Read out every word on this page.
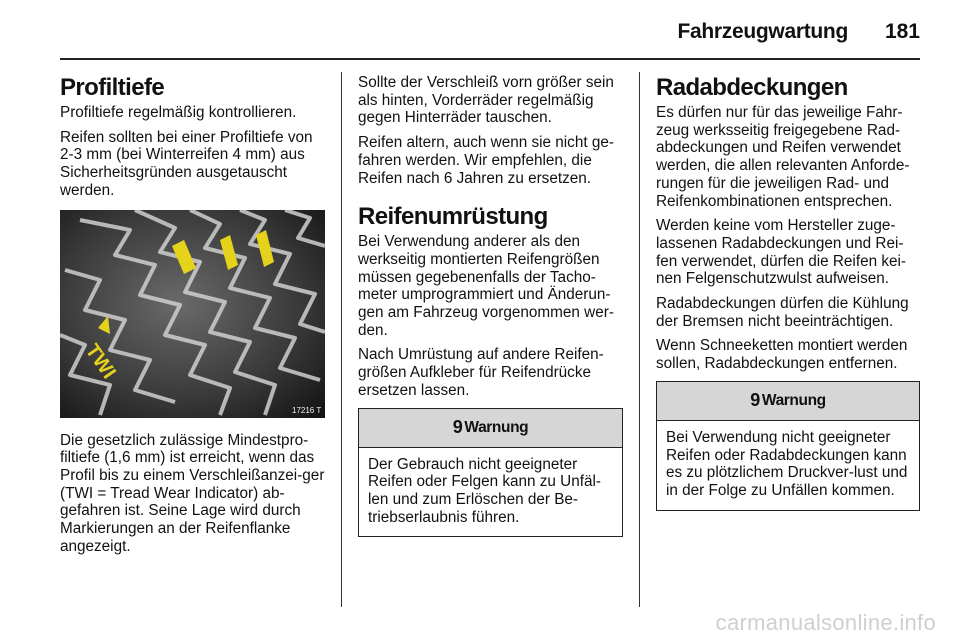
Fahrzeugwartung 181
Profiltiefe

Profiltiefe regelmäßig kontrollieren.

Reifen sollten bei einer Profiltiefe von 2-3 mm (bei Winterreifen 4 mm) aus Sicherheitsgründen ausgetauscht werden.

TWI
17216 T

Die gesetzlich zulässige Mindestpro-filtiefe (1,6 mm) ist erreicht, wenn das Profil bis zu einem Verschleißanzei-ger (TWI = Tread Wear Indicator) ab-gefahren ist. Seine Lage wird durch Markierungen an der Reifenflanke angezeigt.

Sollte der Verschleiß vorn größer sein als hinten, Vorderräder regelmäßig gegen Hinterräder tauschen.

Reifen altern, auch wenn sie nicht ge-fahren werden. Wir empfehlen, die Reifen nach 6 Jahren zu ersetzen.

Reifenumrüstung

Bei Verwendung anderer als den werkseitig montierten Reifengrößen müssen gegebenenfalls der Tacho-meter umprogrammiert und Änderun-gen am Fahrzeug vorgenommen wer-den.

Nach Umrüstung auf andere Reifen-größen Aufkleber für Reifendrücke ersetzen lassen.

9 Warnung
Der Gebrauch nicht geeigneter Reifen oder Felgen kann zu Unfäl-len und zum Erlöschen der Be-triebserlaubnis führen.
Radabdeckungen

Es dürfen nur für das jeweilige Fahr-zeug werksseitig freigegebene Rad-abdeckungen und Reifen verwendet werden, die allen relevanten Anforde-rungen für die jeweiligen Rad- und Reifenkombinationen entsprechen.

Werden keine vom Hersteller zuge-lassenen Radabdeckungen und Rei-fen verwendet, dürfen die Reifen kei-nen Felgenschutzwulst aufweisen.

Radabdeckungen dürfen die Kühlung der Bremsen nicht beeinträchtigen.

Wenn Schneeketten montiert werden sollen, Radabdeckungen entfernen.

9 Warnung
Bei Verwendung nicht geeigneter Reifen oder Radabdeckungen kann es zu plötzlichem Druckver-lust und in der Folge zu Unfällen kommen.
carmanualsonline.info
